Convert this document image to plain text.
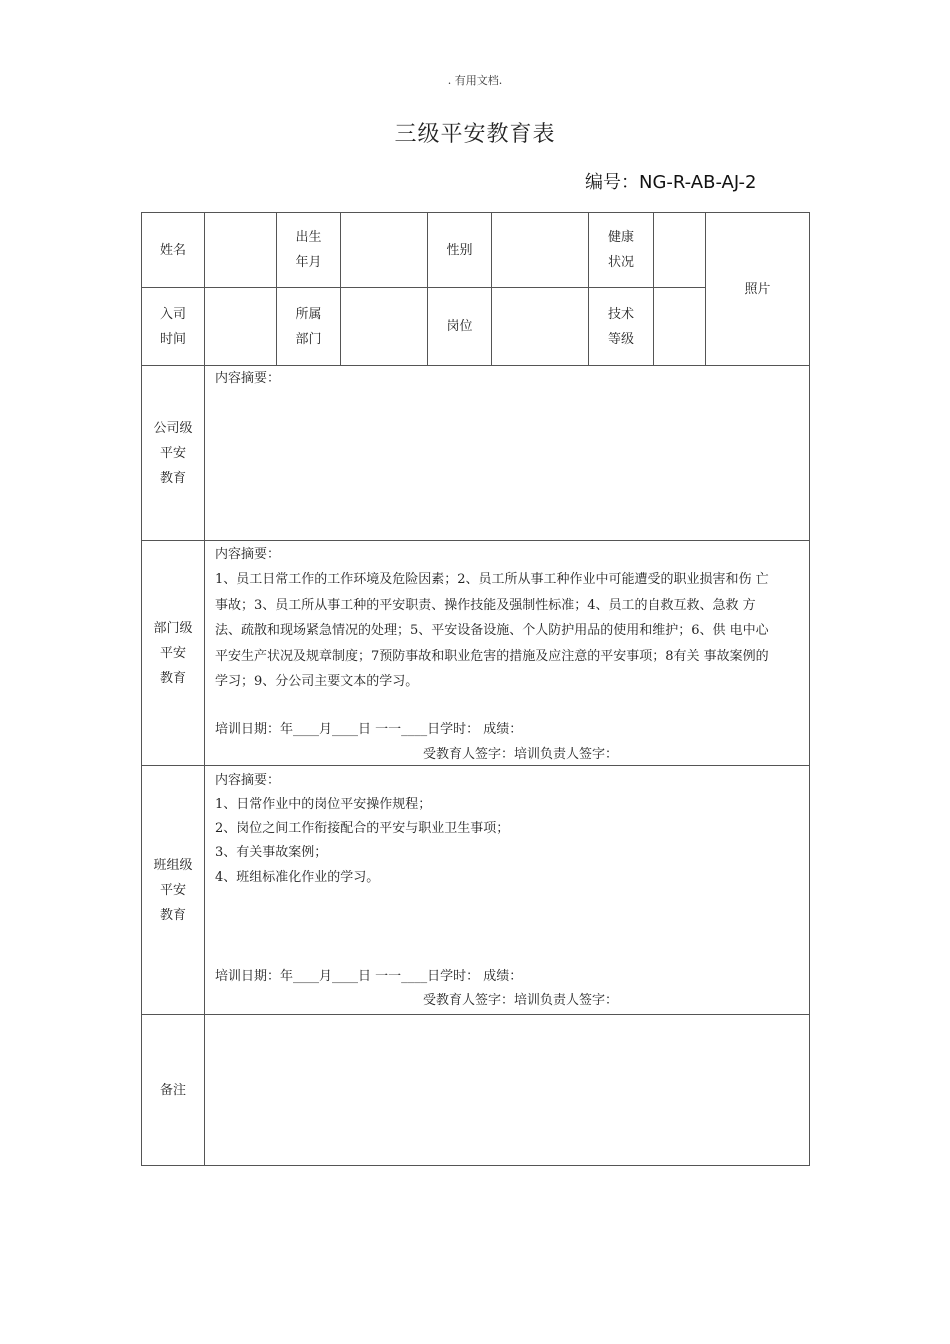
. 有用文档.
三级平安教育表
编号：NG-R-AB-AJ-2
姓名
出生
年月
性别
健康
状况
照片
入司
时间
所属
部门
岗位
技术
等级
公司级
平安
教育
内容摘要：
部门级
平安
教育
内容摘要：
1、员工日常工作的工作环境及危险因素；2、员工所从事工种作业中可能遭受的职业损害和伤 亡
事故；3、员工所从事工种的平安职责、操作技能及强制性标准；4、员工的自救互救、急救 方
法、疏散和现场紧急情况的处理；5、平安设备设施、个人防护用品的使用和维护；6、供 电中心
平安生产状况及规章制度；7预防事故和职业危害的措施及应注意的平安事项；8有关 事故案例的
学习；9、分公司主要文本的学习。
培训日期：年____月____日 一一____日学时： 成绩：
受教育人签字：培训负责人签字：
班组级
平安
教育
内容摘要：
1、日常作业中的岗位平安操作规程；
2、岗位之间工作衔接配合的平安与职业卫生事项；
3、有关事故案例；
4、班组标准化作业的学习。
培训日期：年____月____日 一一____日学时： 成绩：
受教育人签字：培训负责人签字：
备注
